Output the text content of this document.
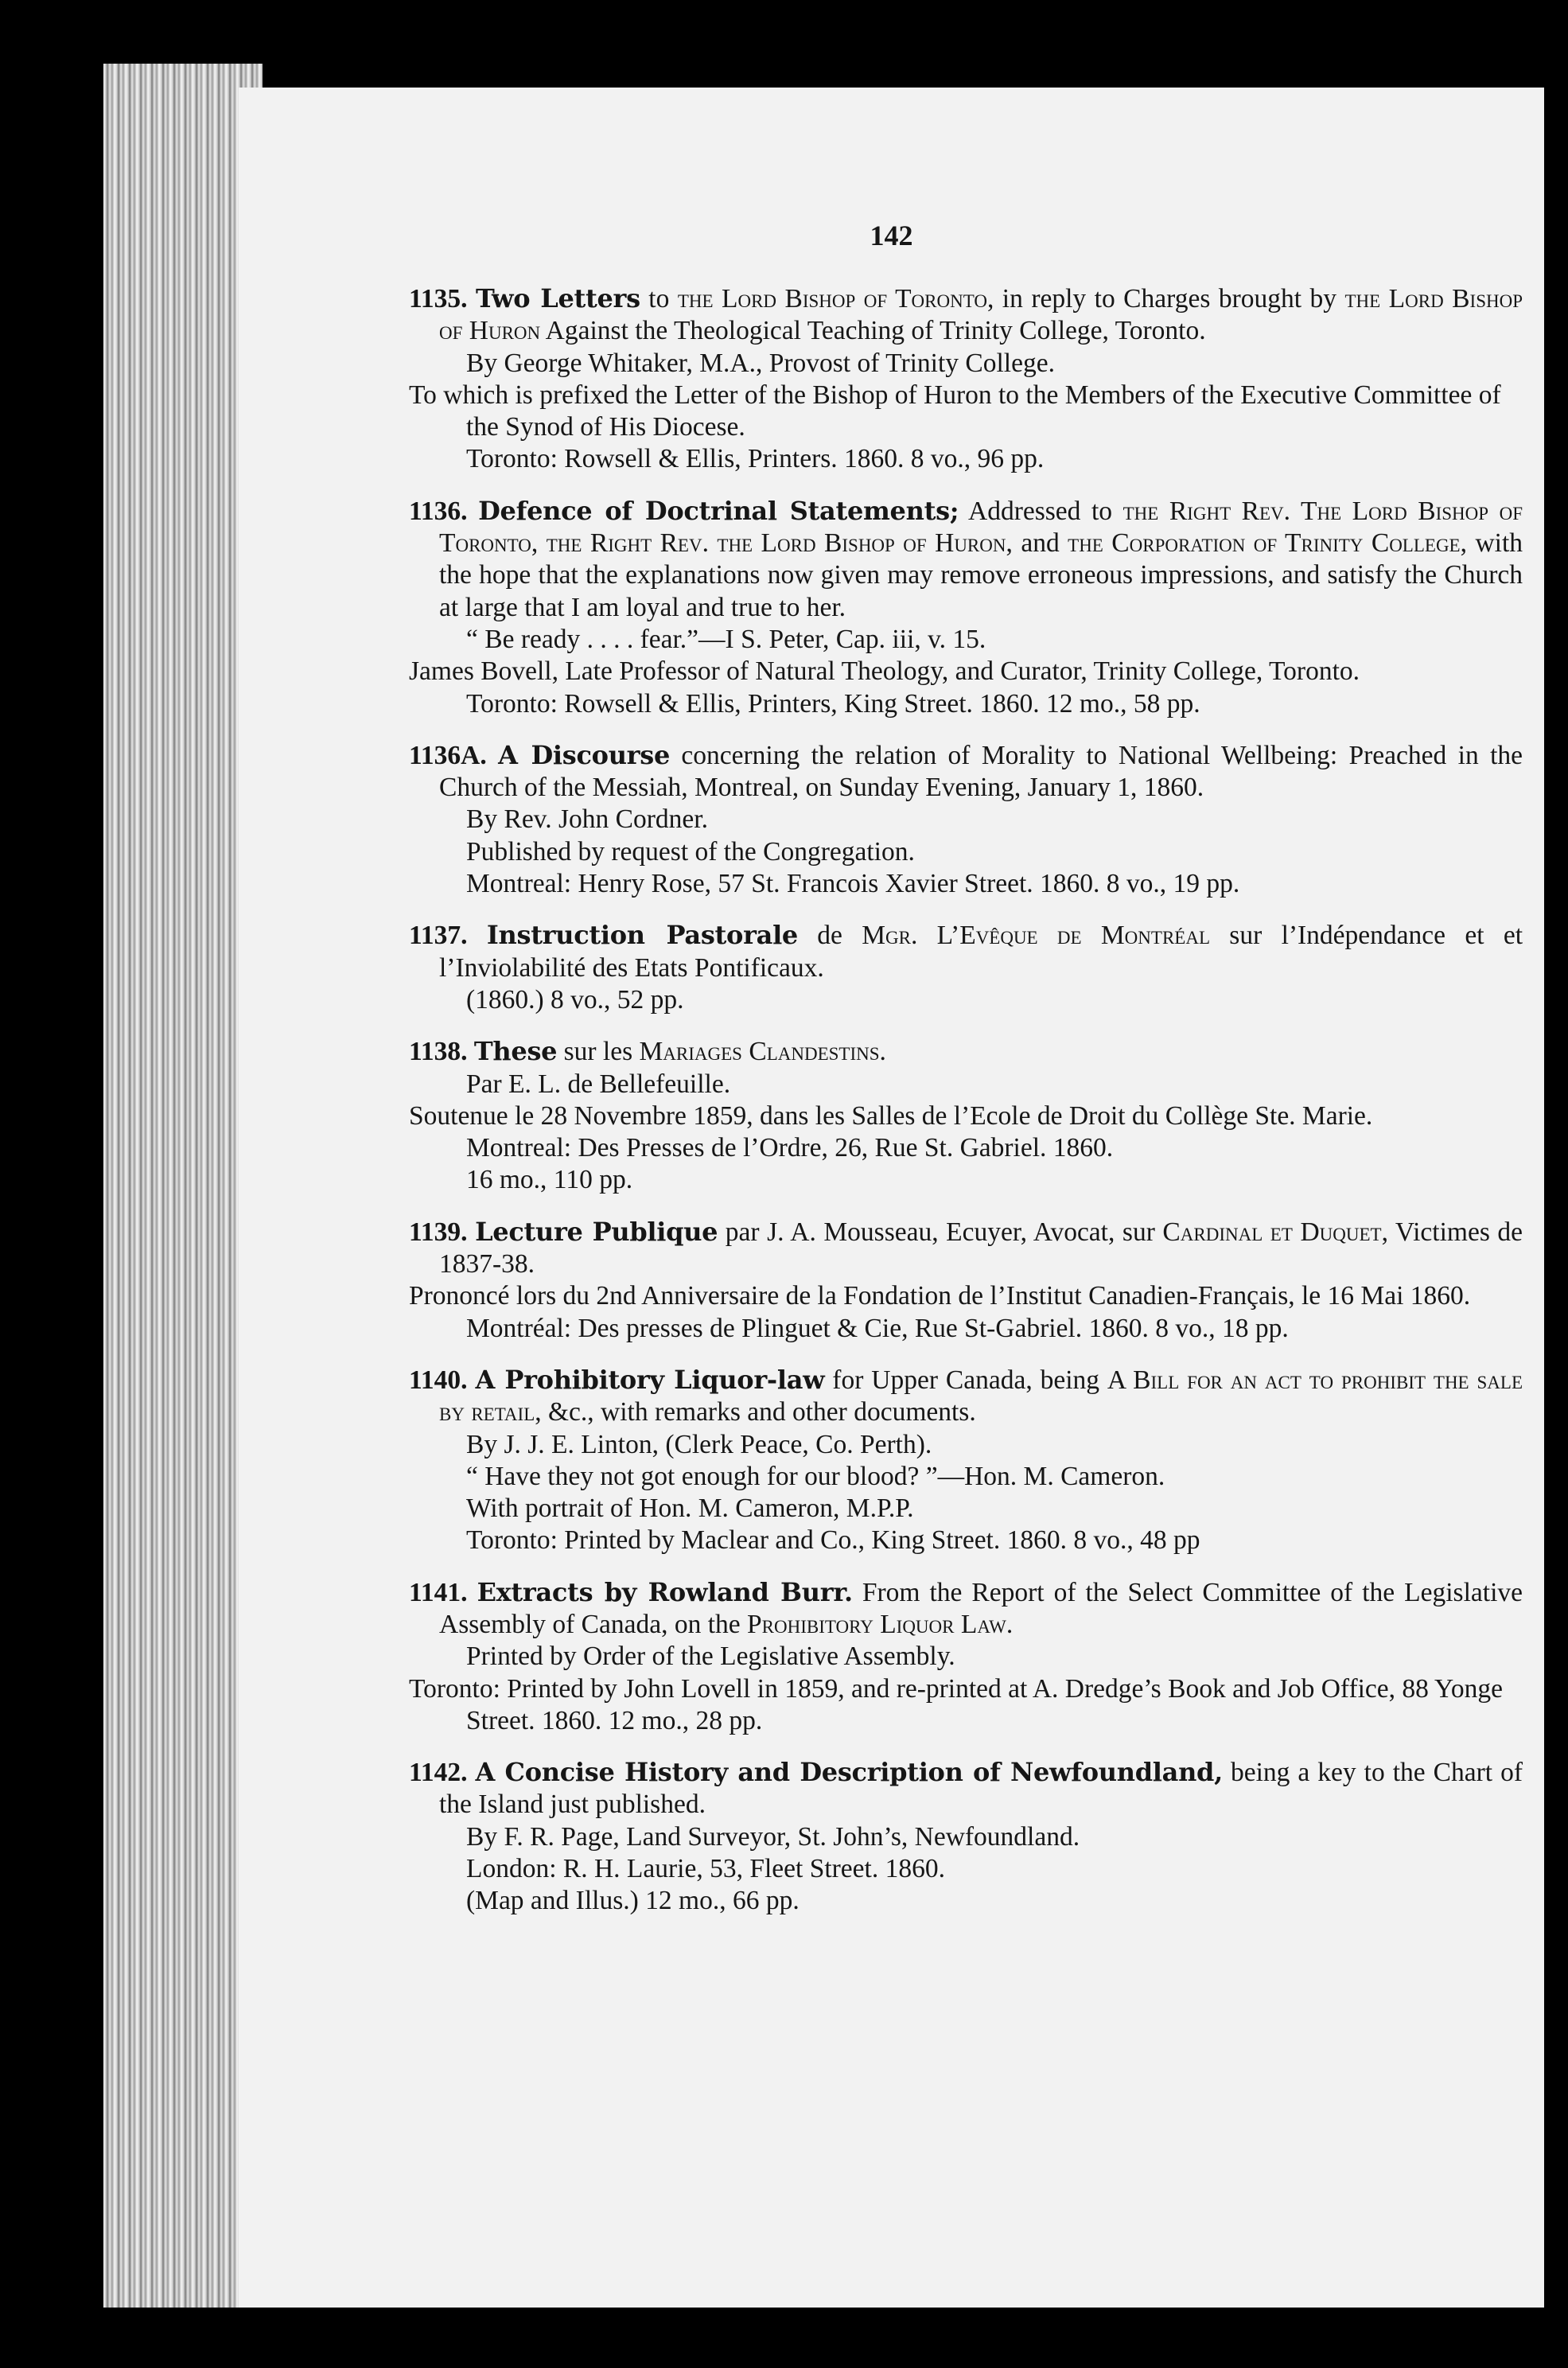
142

1135. Two Letters to the Lord Bishop of Toronto, in reply to Charges brought by the Lord Bishop of Huron Against the Theological Teaching of Trinity College, Toronto.

By George Whitaker, M.A., Provost of Trinity College.

To which is prefixed the Letter of the Bishop of Huron to the Members of the Executive Committee of the Synod of His Diocese.

Toronto: Rowsell & Ellis, Printers. 1860. 8 vo., 96 pp.

1136. Defence of Doctrinal Statements; Addressed to the Right Rev. The Lord Bishop of Toronto, the Right Rev. the Lord Bishop of Huron, and the Corporation of Trinity College, with the hope that the explanations now given may remove erroneous impressions, and satisfy the Church at large that I am loyal and true to her.

“ Be ready . . . . fear.”—I S. Peter, Cap. iii, v. 15.

James Bovell, Late Professor of Natural Theology, and Curator, Trinity College, Toronto.

Toronto: Rowsell & Ellis, Printers, King Street. 1860. 12 mo., 58 pp.

1136A. A Discourse concerning the relation of Morality to National Wellbeing: Preached in the Church of the Messiah, Montreal, on Sunday Evening, January 1, 1860.

By Rev. John Cordner.

Published by request of the Congregation.

Montreal: Henry Rose, 57 St. Francois Xavier Street. 1860. 8 vo., 19 pp.

1137. Instruction Pastorale de Mgr. L’Evêque de Montréal sur l’Indépendance et et l’Inviolabilité des Etats Pontificaux.

(1860.) 8 vo., 52 pp.

1138. These sur les Mariages Clandestins.

Par E. L. de Bellefeuille.

Soutenue le 28 Novembre 1859, dans les Salles de l’Ecole de Droit du Collège Ste. Marie.

Montreal: Des Presses de l’Ordre, 26, Rue St. Gabriel. 1860.

16 mo., 110 pp.

1139. Lecture Publique par J. A. Mousseau, Ecuyer, Avocat, sur Cardinal et Duquet, Victimes de 1837-38.

Prononcé lors du 2nd Anniversaire de la Fondation de l’Institut Canadien-Français, le 16 Mai 1860.

Montréal: Des presses de Plinguet & Cie, Rue St-Gabriel. 1860. 8 vo., 18 pp.

1140. A Prohibitory Liquor-law for Upper Canada, being A Bill for an act to prohibit the sale by retail, &c., with remarks and other documents.

By J. J. E. Linton, (Clerk Peace, Co. Perth).

“ Have they not got enough for our blood? ”—Hon. M. Cameron.

With portrait of Hon. M. Cameron, M.P.P.

Toronto: Printed by Maclear and Co., King Street. 1860. 8 vo., 48 pp

1141. Extracts by Rowland Burr. From the Report of the Select Committee of the Legislative Assembly of Canada, on the Prohibitory Liquor Law.

Printed by Order of the Legislative Assembly.

Toronto: Printed by John Lovell in 1859, and re-printed at A. Dredge’s Book and Job Office, 88 Yonge Street. 1860. 12 mo., 28 pp.

1142. A Concise History and Description of Newfoundland, being a key to the Chart of the Island just published.

By F. R. Page, Land Surveyor, St. John’s, Newfoundland.

London: R. H. Laurie, 53, Fleet Street. 1860.

(Map and Illus.) 12 mo., 66 pp.
